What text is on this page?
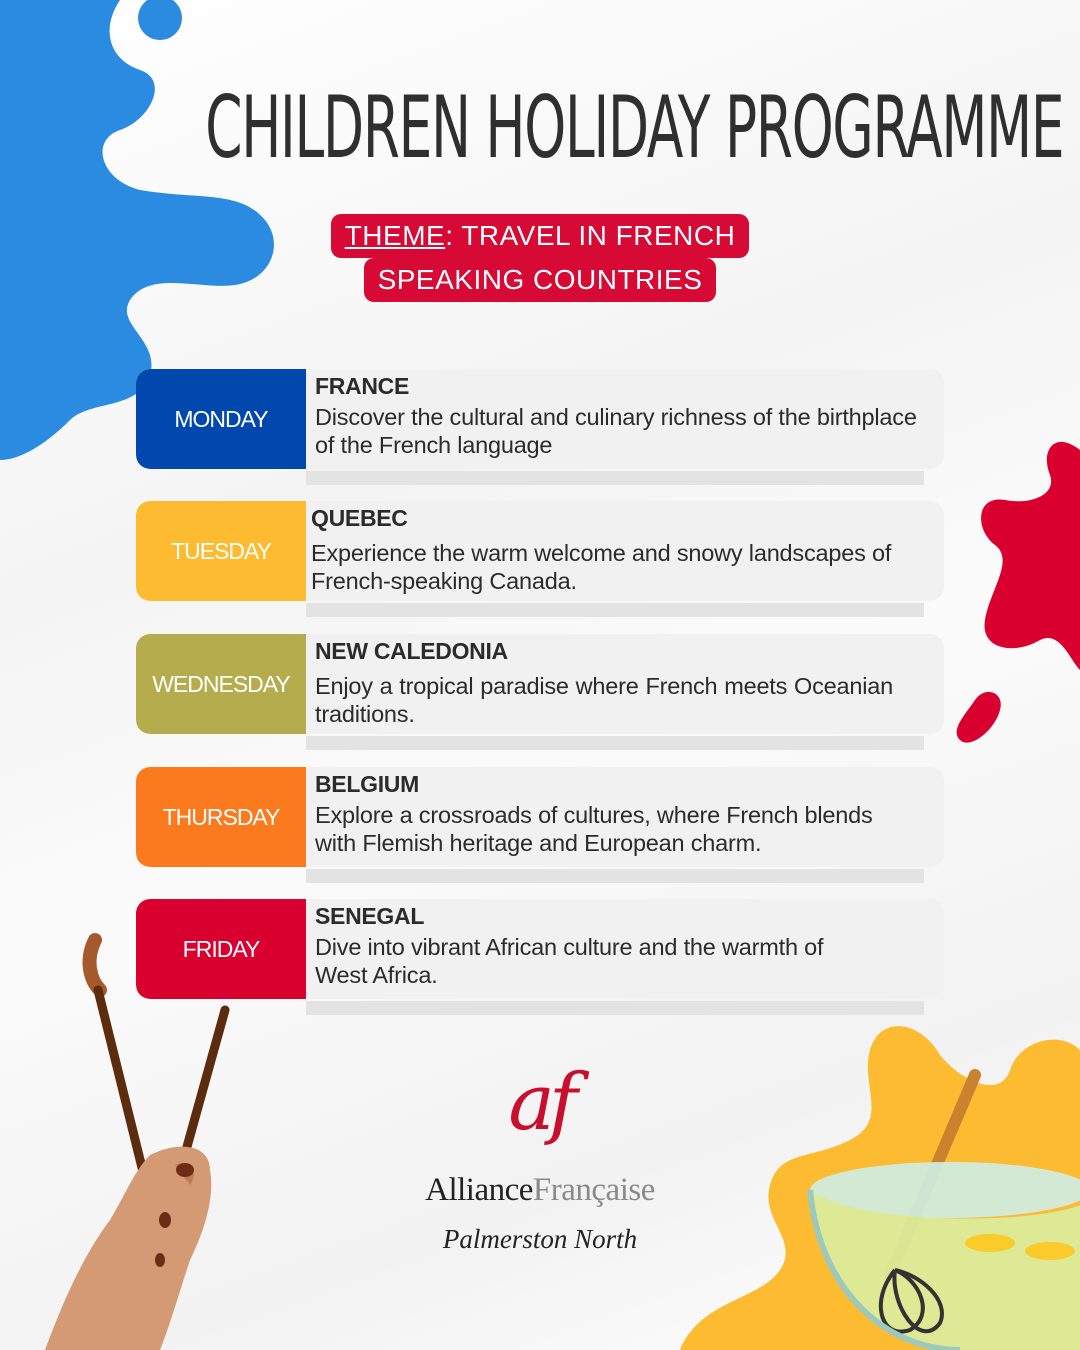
CHILDREN HOLIDAY PROGRAMME
THEME: TRAVEL IN FRENCH
SPEAKING COUNTRIES
MONDAY
FRANCE
Discover the cultural and culinary richness of the birthplace of the French language
TUESDAY
QUEBEC
Experience the warm welcome and snowy landscapes of French-speaking Canada.
WEDNESDAY
NEW CALEDONIA
Enjoy a tropical paradise where French meets Oceanian traditions.
THURSDAY
BELGIUM
Explore a crossroads of cultures, where French blends with Flemish heritage and European charm.
FRIDAY
SENEGAL
Dive into vibrant African culture and the warmth of West Africa.
af
AllianceFrançaise
Palmerston North
